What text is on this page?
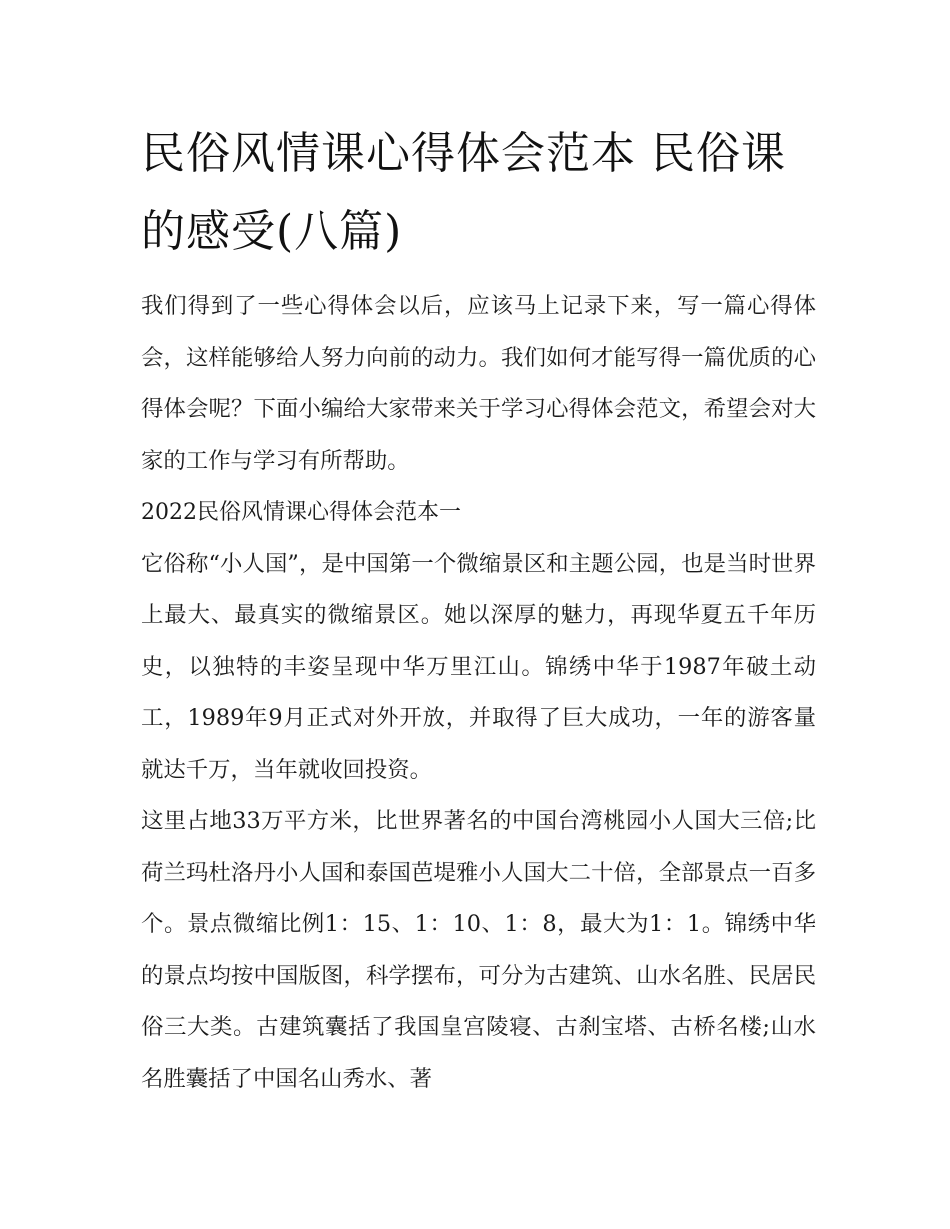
民俗风情课心得体会范本 民俗课的感受(八篇)

我们得到了一些心得体会以后，应该马上记录下来，写一篇心得体会，这样能够给人努力向前的动力。我们如何才能写得一篇优质的心得体会呢？下面小编给大家带来关于学习心得体会范文，希望会对大家的工作与学习有所帮助。

2022民俗风情课心得体会范本一

它俗称“小人国”，是中国第一个微缩景区和主题公园，也是当时世界上最大、最真实的微缩景区。她以深厚的魅力，再现华夏五千年历史，以独特的丰姿呈现中华万里江山。锦绣中华于1987年破土动工，1989年9月正式对外开放，并取得了巨大成功，一年的游客量就达千万，当年就收回投资。

这里占地33万平方米，比世界著名的中国台湾桃园小人国大三倍;比荷兰玛杜洛丹小人国和泰国芭堤雅小人国大二十倍，全部景点一百多个。景点微缩比例1：15、1：10、1：8，最大为1：1。锦绣中华的景点均按中国版图，科学摆布，可分为古建筑、山水名胜、民居民俗三大类。古建筑囊括了我国皇宫陵寝、古刹宝塔、古桥名楼;山水名胜囊括了中国名山秀水、著
